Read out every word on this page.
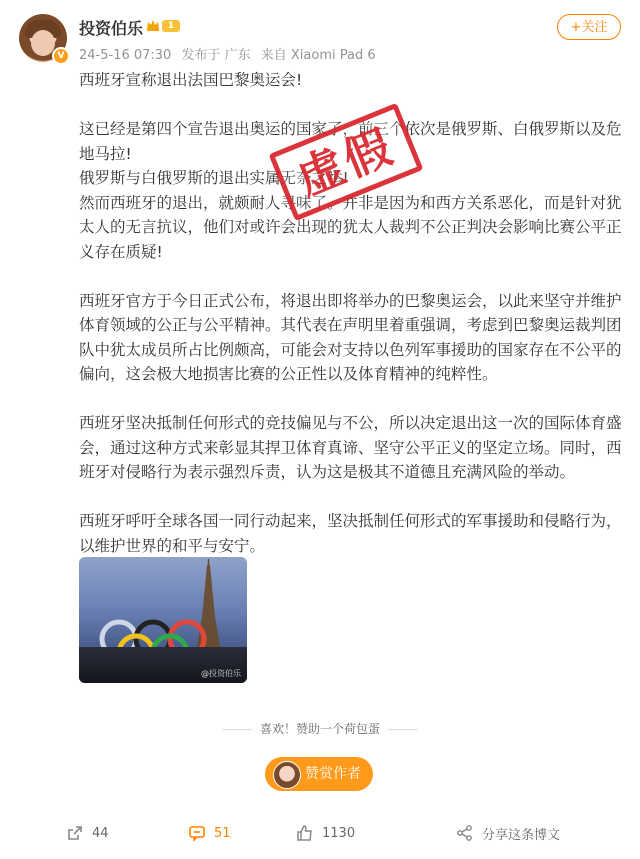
V
投资伯乐	1
24-5-16 07:30 发布于 广东 来自 Xiaomi Pad 6
+关注

西班牙宣称退出法国巴黎奥运会!

这已经是第四个宣告退出奥运的国家了，前三个依次是俄罗斯、白俄罗斯以及危地马拉!

俄罗斯与白俄罗斯的退出实属无奈之举!

然而西班牙的退出，就颇耐人寻味了。并非是因为和西方关系恶化，而是针对犹太人的无言抗议，他们对或许会出现的犹太人裁判不公正判决会影响比赛公平正义存在质疑!

西班牙官方于今日正式公布，将退出即将举办的巴黎奥运会，以此来坚守并维护体育领域的公正与公平精神。其代表在声明里着重强调，考虑到巴黎奥运裁判团队中犹太成员所占比例颇高，可能会对支持以色列军事援助的国家存在不公平的偏向，这会极大地损害比赛的公正性以及体育精神的纯粹性。

西班牙坚决抵制任何形式的竞技偏见与不公，所以决定退出这一次的国际体育盛会，通过这种方式来彰显其捍卫体育真谛、坚守公平正义的坚定立场。同时，西班牙对侵略行为表示强烈斥责，认为这是极其不道德且充满风险的举动。

西班牙呼吁全球各国一同行动起来，坚决抵制任何形式的军事援助和侵略行为，以维护世界的和平与安宁。

虚假
@投资伯乐
喜欢！赞助一个荷包蛋
赞赏作者
44	51	1130	分享这条博文
